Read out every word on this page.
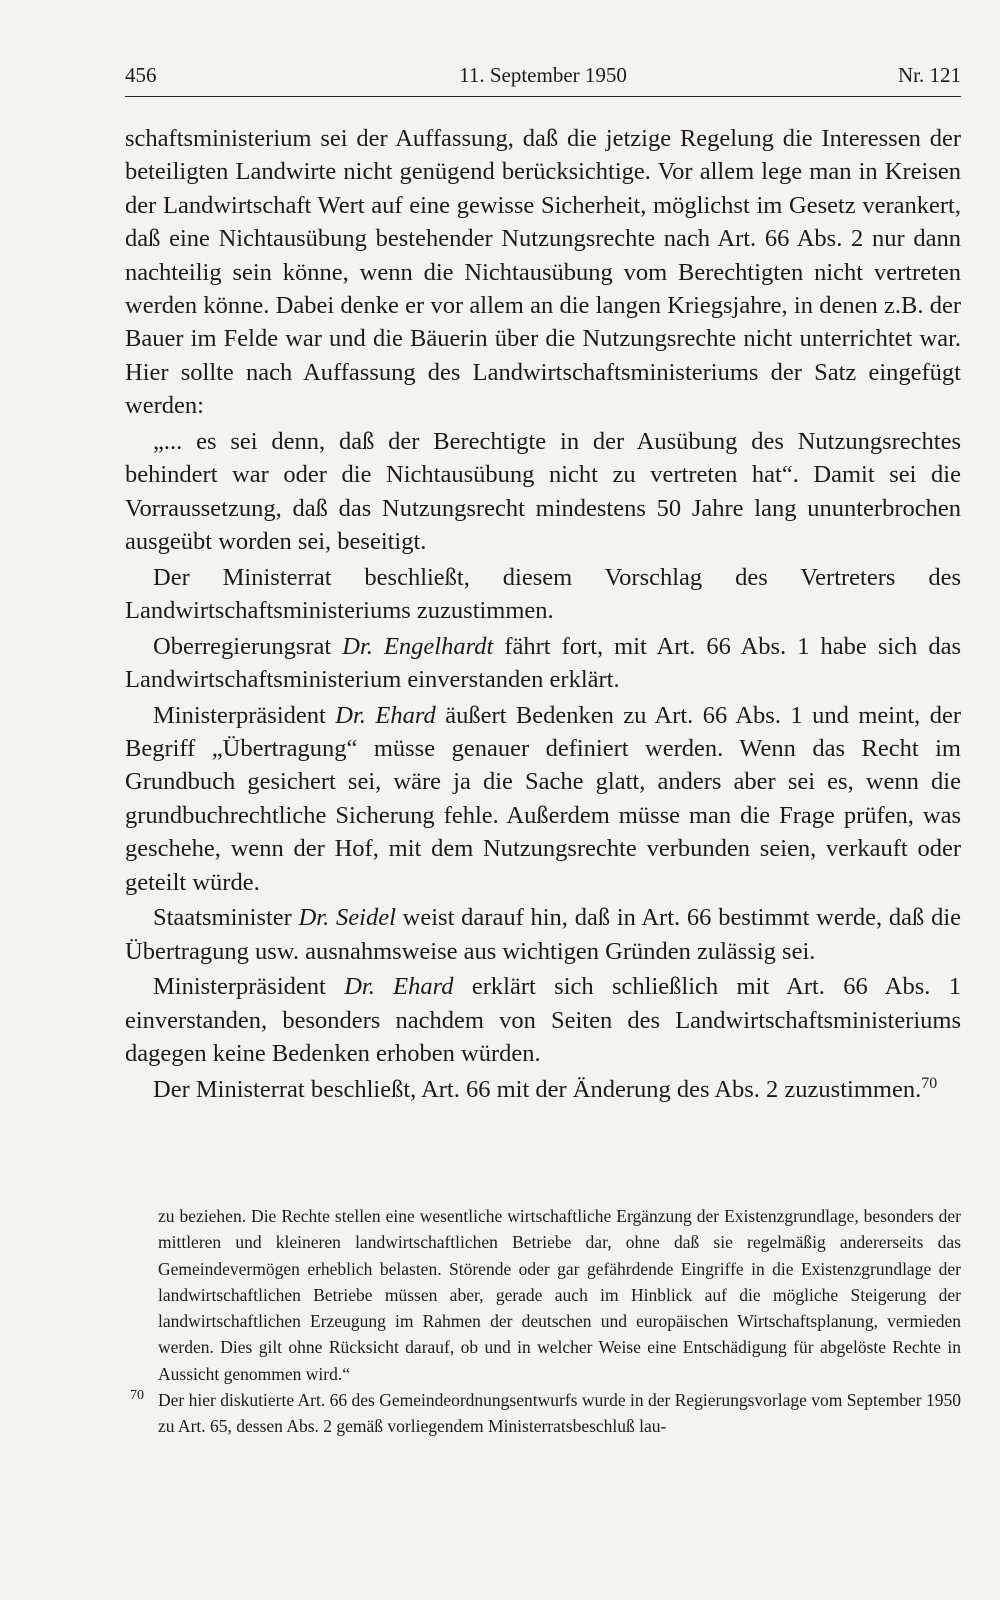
456	11. September 1950	Nr. 121

schaftsministerium sei der Auffassung, daß die jetzige Regelung die Interessen der beteiligten Landwirte nicht genügend berücksichtige. Vor allem lege man in Kreisen der Landwirtschaft Wert auf eine gewisse Sicherheit, möglichst im Gesetz verankert, daß eine Nichtausübung bestehender Nutzungsrechte nach Art. 66 Abs. 2 nur dann nachteilig sein könne, wenn die Nichtausübung vom Berechtigten nicht vertreten werden könne. Dabei denke er vor allem an die langen Kriegsjahre, in denen z.B. der Bauer im Felde war und die Bäuerin über die Nutzungsrechte nicht unterrichtet war. Hier sollte nach Auffassung des Landwirtschaftsministeriums der Satz eingefügt werden:

„... es sei denn, daß der Berechtigte in der Ausübung des Nutzungsrechtes behindert war oder die Nichtausübung nicht zu vertreten hat“. Damit sei die Vorraussetzung, daß das Nutzungsrecht mindestens 50 Jahre lang ununterbrochen ausgeübt worden sei, beseitigt.

Der Ministerrat beschließt, diesem Vorschlag des Vertreters des Landwirtschaftsministeriums zuzustimmen.

Oberregierungsrat Dr. Engelhardt fährt fort, mit Art. 66 Abs. 1 habe sich das Landwirtschaftsministerium einverstanden erklärt.

Ministerpräsident Dr. Ehard äußert Bedenken zu Art. 66 Abs. 1 und meint, der Begriff „Übertragung“ müsse genauer definiert werden. Wenn das Recht im Grundbuch gesichert sei, wäre ja die Sache glatt, anders aber sei es, wenn die grundbuchrechtliche Sicherung fehle. Außerdem müsse man die Frage prüfen, was geschehe, wenn der Hof, mit dem Nutzungsrechte verbunden seien, verkauft oder geteilt würde.

Staatsminister Dr. Seidel weist darauf hin, daß in Art. 66 bestimmt werde, daß die Übertragung usw. ausnahmsweise aus wichtigen Gründen zulässig sei.

Ministerpräsident Dr. Ehard erklärt sich schließlich mit Art. 66 Abs. 1 einverstanden, besonders nachdem von Seiten des Landwirtschaftsministeriums dagegen keine Bedenken erhoben würden.

Der Ministerrat beschließt, Art. 66 mit der Änderung des Abs. 2 zuzustimmen.$^{70}$

zu beziehen. Die Rechte stellen eine wesentliche wirtschaftliche Ergänzung der Existenzgrundlage, besonders der mittleren und kleineren landwirtschaftlichen Betriebe dar, ohne daß sie regelmäßig andererseits das Gemeindevermögen erheblich belasten. Störende oder gar gefährdende Eingriffe in die Existenzgrundlage der landwirtschaftlichen Betriebe müssen aber, gerade auch im Hinblick auf die mögliche Steigerung der landwirtschaftlichen Erzeugung im Rahmen der deutschen und europäischen Wirtschaftsplanung, vermieden werden. Dies gilt ohne Rücksicht darauf, ob und in welcher Weise eine Entschädigung für abgelöste Rechte in Aussicht genommen wird.“

70 Der hier diskutierte Art. 66 des Gemeindeordnungsentwurfs wurde in der Regierungsvorlage vom September 1950 zu Art. 65, dessen Abs. 2 gemäß vorliegendem Ministerratsbeschluß lau-
